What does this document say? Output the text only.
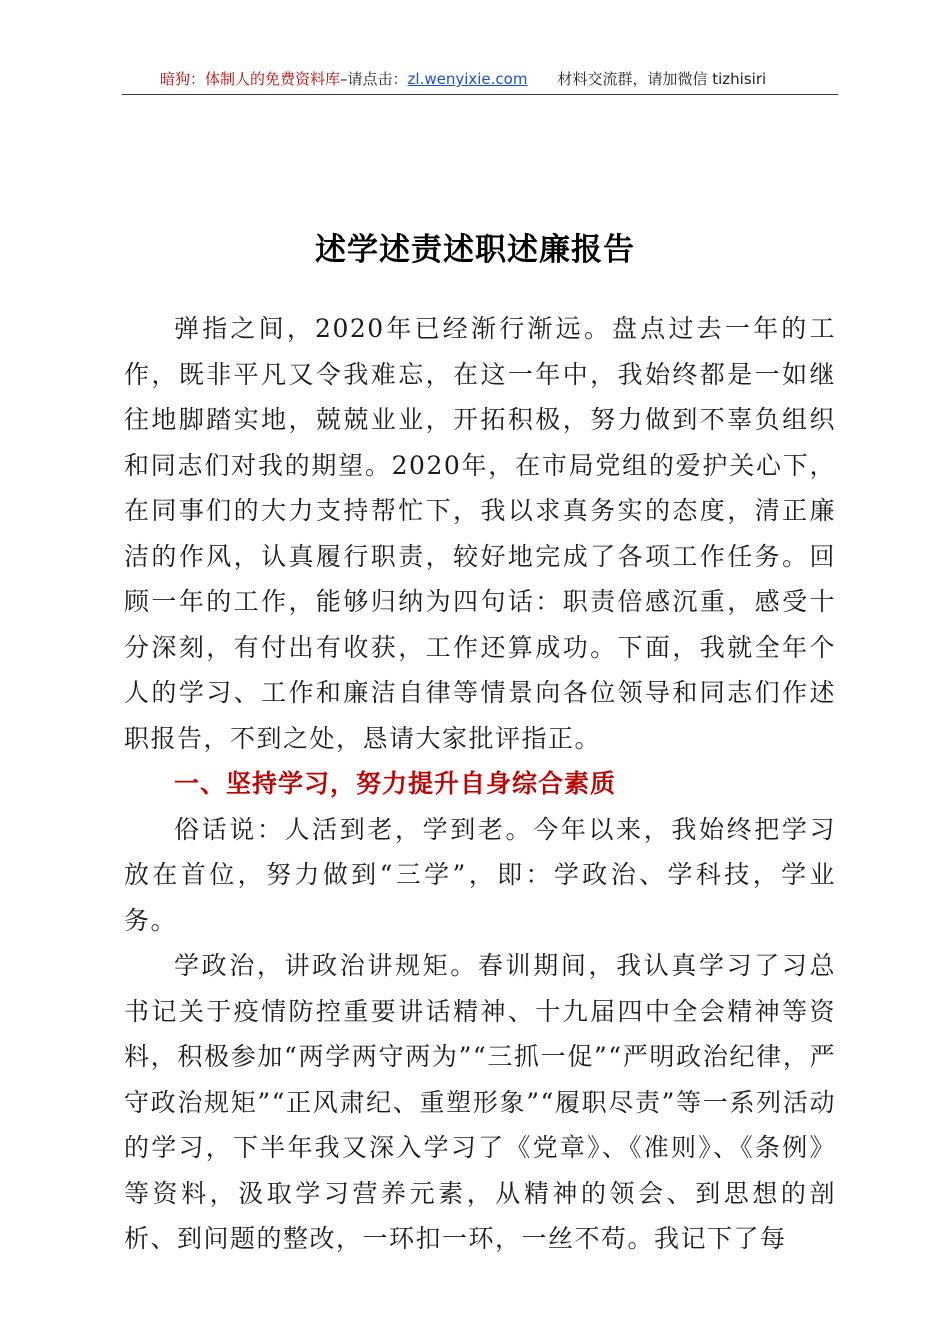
暗狗：体制人的免费资料库–请点击：zl.wenyixie.com 材料交流群，请加微信 tizhisiri
述学述责述职述廉报告

弹指之间，2020年已经渐行渐远。盘点过去一年的工作，既非平凡又令我难忘，在这一年中，我始终都是一如继往地脚踏实地，兢兢业业，开拓积极，努力做到不辜负组织和同志们对我的期望。2020年，在市局党组的爱护关心下，在同事们的大力支持帮忙下，我以求真务实的态度，清正廉洁的作风，认真履行职责，较好地完成了各项工作任务。回顾一年的工作，能够归纳为四句话：职责倍感沉重，感受十分深刻，有付出有收获，工作还算成功。下面，我就全年个人的学习、工作和廉洁自律等情景向各位领导和同志们作述职报告，不到之处，恳请大家批评指正。

一、坚持学习，努力提升自身综合素质

俗话说：人活到老，学到老。今年以来，我始终把学习放在首位，努力做到“三学”，即：学政治、学科技，学业务。

学政治，讲政治讲规矩。春训期间，我认真学习了习总书记关于疫情防控重要讲话精神、十九届四中全会精神等资料，积极参加“两学两守两为”“三抓一促”“严明政治纪律，严守政治规矩”“正风肃纪、重塑形象”“履职尽责”等一系列活动的学习，下半年我又深入学习了《党章》、《准则》、《条例》等资料，汲取学习营养元素，从精神的领会、到思想的剖析、到问题的整改，一环扣一环，一丝不苟。我记下了每
